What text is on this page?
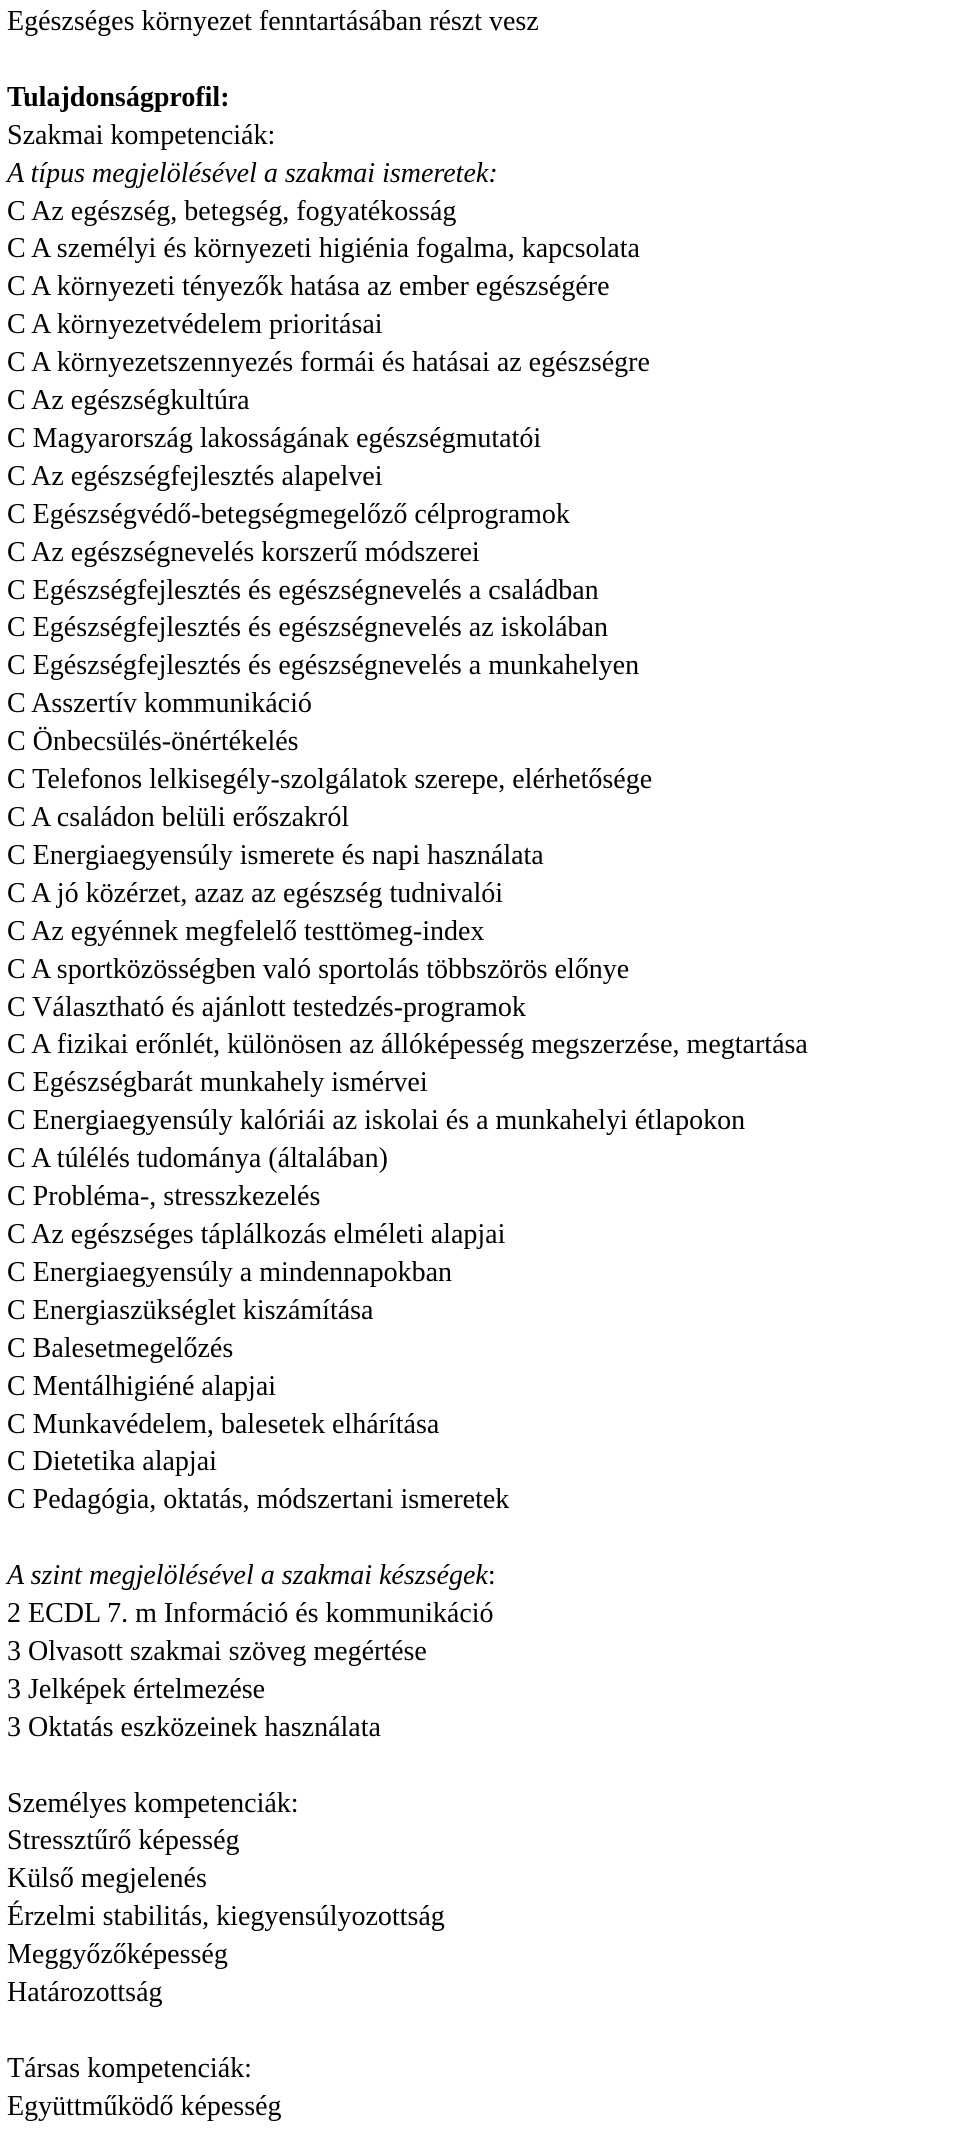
Egészséges környezet fenntartásában részt vesz

Tulajdonságprofil:

Szakmai kompetenciák:

A típus megjelölésével a szakmai ismeretek:

C Az egészség, betegség, fogyatékosság

C A személyi és környezeti higiénia fogalma, kapcsolata

C A környezeti tényezők hatása az ember egészségére

C A környezetvédelem prioritásai

C A környezetszennyezés formái és hatásai az egészségre

C Az egészségkultúra

C Magyarország lakosságának egészségmutatói

C Az egészségfejlesztés alapelvei

C Egészségvédő-betegségmegelőző célprogramok

C Az egészségnevelés korszerű módszerei

C Egészségfejlesztés és egészségnevelés a családban

C Egészségfejlesztés és egészségnevelés az iskolában

C Egészségfejlesztés és egészségnevelés a munkahelyen

C Asszertív kommunikáció

C Önbecsülés-önértékelés

C Telefonos lelkisegély-szolgálatok szerepe, elérhetősége

C A családon belüli erőszakról

C Energiaegyensúly ismerete és napi használata

C A jó közérzet, azaz az egészség tudnivalói

C Az egyénnek megfelelő testtömeg-index

C A sportközösségben való sportolás többszörös előnye

C Választható és ajánlott testedzés-programok

C A fizikai erőnlét, különösen az állóképesség megszerzése, megtartása

C Egészségbarát munkahely ismérvei

C Energiaegyensúly kalóriái az iskolai és a munkahelyi étlapokon

C A túlélés tudománya (általában)

C Probléma-, stresszkezelés

C Az egészséges táplálkozás elméleti alapjai

C Energiaegyensúly a mindennapokban

C Energiaszükséglet kiszámítása

C Balesetmegelőzés

C Mentálhigiéné alapjai

C Munkavédelem, balesetek elhárítása

C Dietetika alapjai

C Pedagógia, oktatás, módszertani ismeretek

A szint megjelölésével a szakmai készségek:

2 ECDL 7. m Információ és kommunikáció

3 Olvasott szakmai szöveg megértése

3 Jelképek értelmezése

3 Oktatás eszközeinek használata

Személyes kompetenciák:

Stressztűrő képesség

Külső megjelenés

Érzelmi stabilitás, kiegyensúlyozottság

Meggyőzőképesség

Határozottság

Társas kompetenciák:

Együttműködő képesség
